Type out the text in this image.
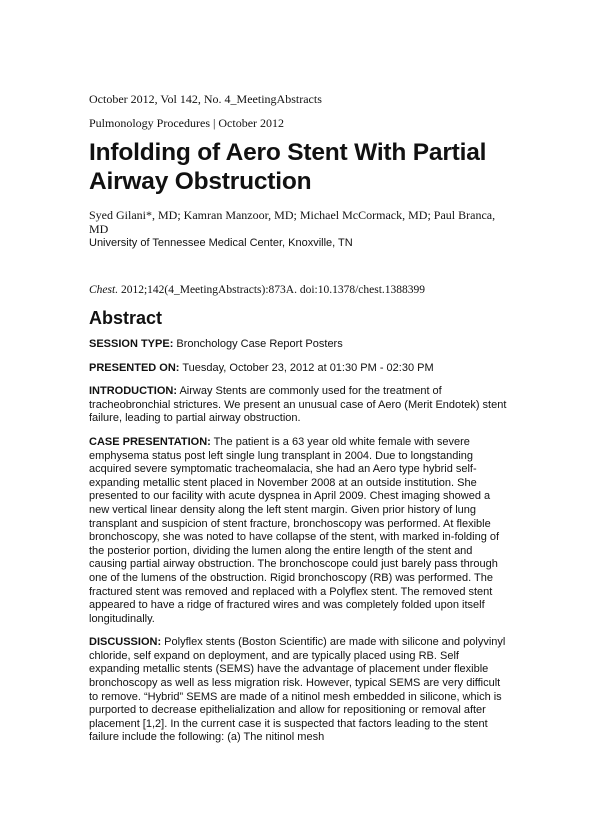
October 2012, Vol 142, No. 4_MeetingAbstracts

Pulmonology Procedures | October 2012

Infolding of Aero Stent With Partial Airway Obstruction

Syed Gilani*, MD; Kamran Manzoor, MD; Michael McCormack, MD; Paul Branca, MD

University of Tennessee Medical Center, Knoxville, TN

Chest. 2012;142(4_MeetingAbstracts):873A. doi:10.1378/chest.1388399

Abstract

SESSION TYPE: Bronchology Case Report Posters

PRESENTED ON: Tuesday, October 23, 2012 at 01:30 PM - 02:30 PM

INTRODUCTION: Airway Stents are commonly used for the treatment of tracheobronchial strictures. We present an unusual case of Aero (Merit Endotek) stent failure, leading to partial airway obstruction.

CASE PRESENTATION: The patient is a 63 year old white female with severe emphysema status post left single lung transplant in 2004. Due to longstanding acquired severe symptomatic tracheomalacia, she had an Aero type hybrid self-expanding metallic stent placed in November 2008 at an outside institution. She presented to our facility with acute dyspnea in April 2009. Chest imaging showed a new vertical linear density along the left stent margin. Given prior history of lung transplant and suspicion of stent fracture, bronchoscopy was performed. At flexible bronchoscopy, she was noted to have collapse of the stent, with marked in-folding of the posterior portion, dividing the lumen along the entire length of the stent and causing partial airway obstruction. The bronchoscope could just barely pass through one of the lumens of the obstruction. Rigid bronchoscopy (RB) was performed. The fractured stent was removed and replaced with a Polyflex stent. The removed stent appeared to have a ridge of fractured wires and was completely folded upon itself longitudinally.

DISCUSSION: Polyflex stents (Boston Scientific) are made with silicone and polyvinyl chloride, self expand on deployment, and are typically placed using RB. Self expanding metallic stents (SEMS) have the advantage of placement under flexible bronchoscopy as well as less migration risk. However, typical SEMS are very difficult to remove. “Hybrid” SEMS are made of a nitinol mesh embedded in silicone, which is purported to decrease epithelialization and allow for repositioning or removal after placement [1,2]. In the current case it is suspected that factors leading to the stent failure include the following: (a) The nitinol mesh
